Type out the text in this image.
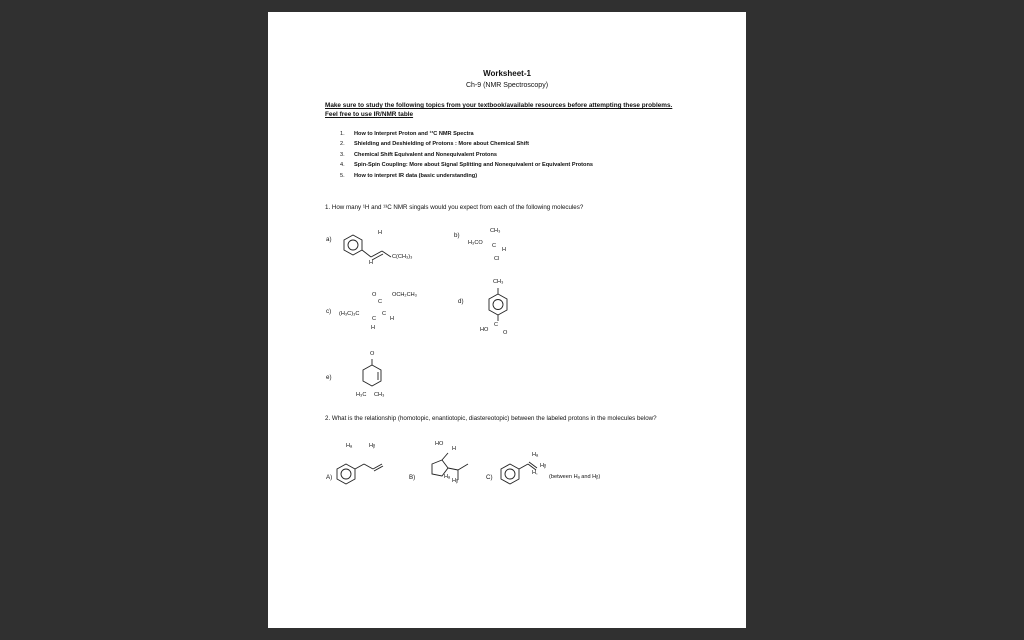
Worksheet-1
Ch-9 (NMR Spectroscopy)
Make sure to study the following topics from your textbook/available resources before attempting these problems. Feel free to use IR/NMR table
1. How to Interpret Proton and ¹³C NMR Spectra
2. Shielding and Deshielding of Protons : More about Chemical Shift
3. Chemical Shift Equivalent and Nonequivalent Protons
4. Spin-Spin Coupling: More about Signal Splitting and Nonequivalent or Equivalent Protons
5. How to interpret IR data (basic understanding)
1. How many ¹H and ¹³C NMR singals would you expect from each of the following molecules?
a)
H
H
C(CH₃)₃
b)
CH₃
H₃CO C
H
Cl
c)
O	OCH₂CH₃
C
(H₃C)₃C
C
C
H
H
d)
CH₃
HO
C
O
e)
O
H₃C CH₃
2. What is the relationship (homotopic, enantiotopic, diastereotopic) between the labeled protons in the molecules below?
A)
Hₐ	Hᵦ
B)
HO
H
Hₐ
Hᵦ	C)
Hₐ
Hᵦ
H꜀
(between Hₐ and Hᵦ)
